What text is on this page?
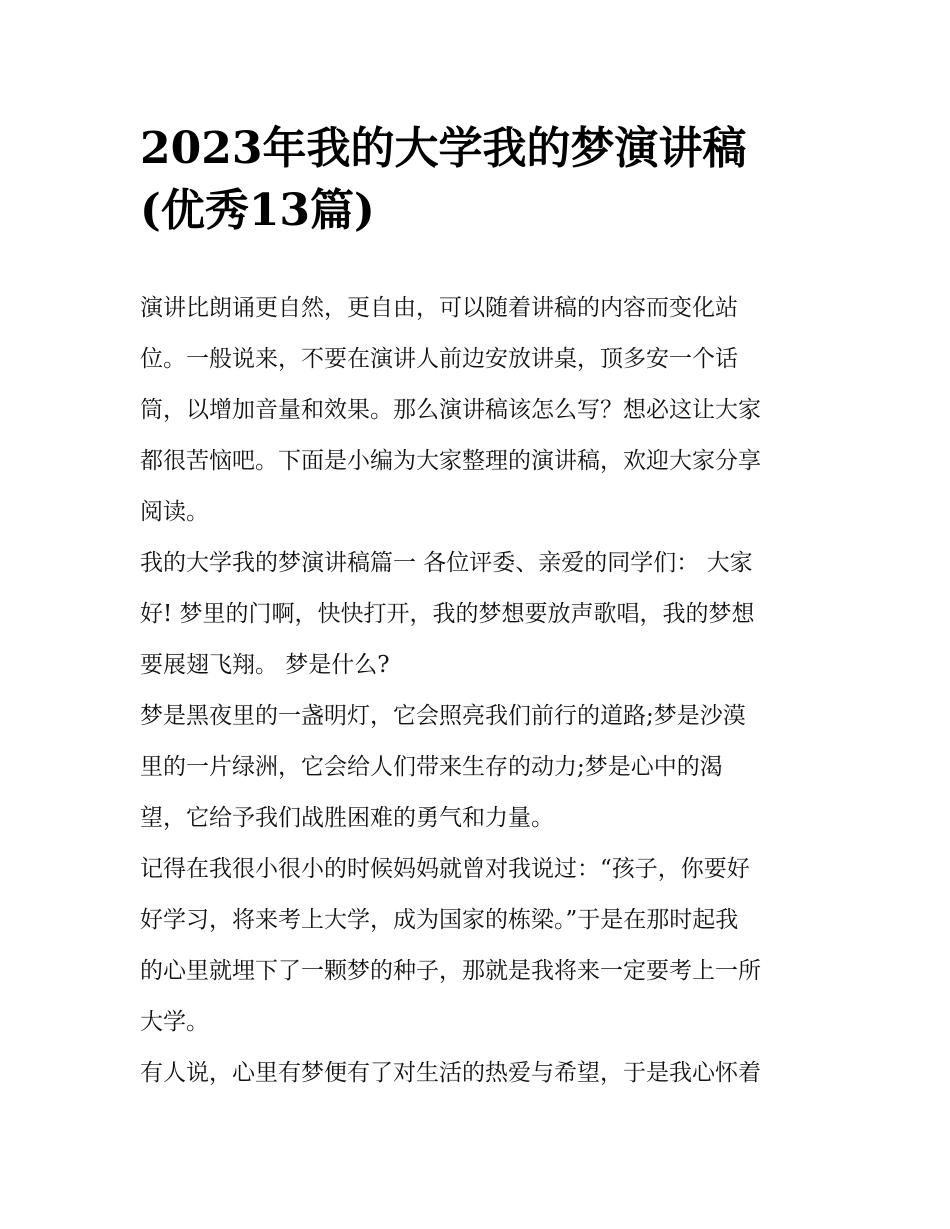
2023年我的大学我的梦演讲稿
(优秀13篇)
演讲比朗诵更自然，更自由，可以随着讲稿的内容而变化站
位。一般说来，不要在演讲人前边安放讲桌，顶多安一个话
筒，以增加音量和效果。那么演讲稿该怎么写？想必这让大家
都很苦恼吧。下面是小编为大家整理的演讲稿，欢迎大家分享
阅读。
我的大学我的梦演讲稿篇一 各位评委、亲爱的同学们： 大家
好! 梦里的门啊，快快打开，我的梦想要放声歌唱，我的梦想
要展翅飞翔。 梦是什么?
梦是黑夜里的一盏明灯，它会照亮我们前行的道路;梦是沙漠
里的一片绿洲，它会给人们带来生存的动力;梦是心中的渴
望，它给予我们战胜困难的勇气和力量。
记得在我很小很小的时候妈妈就曾对我说过：“孩子，你要好
好学习，将来考上大学，成为国家的栋梁。”于是在那时起我
的心里就埋下了一颗梦的种子，那就是我将来一定要考上一所
大学。
有人说，心里有梦便有了对生活的热爱与希望，于是我心怀着
